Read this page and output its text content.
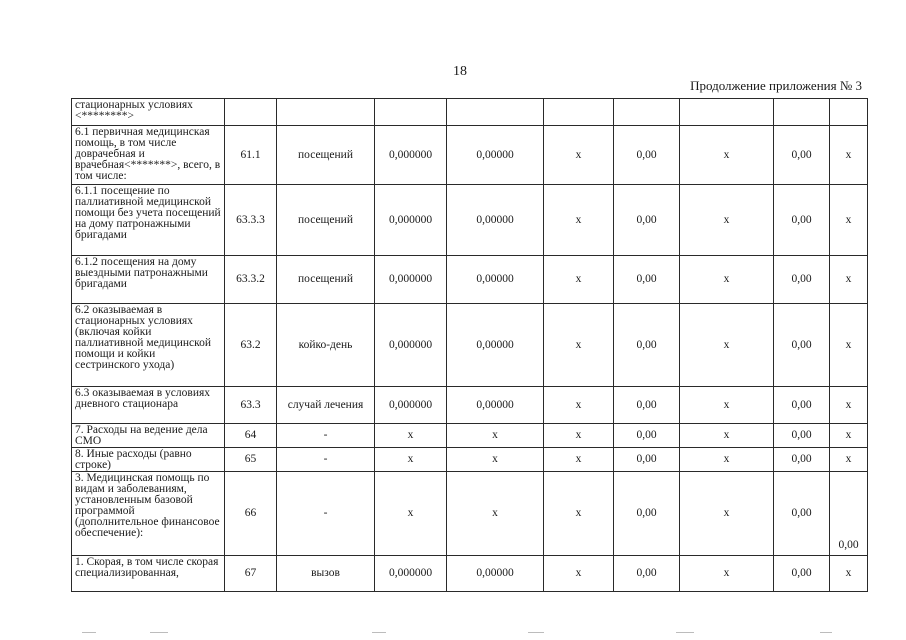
18
Продолжение приложения № 3
стационарных условиях <********>									
6.1 первичная медицинская помощь, в том числе доврачебная и врачебная<*******>, всего, в том числе:	61.1	посещений	0,000000	0,00000	х	0,00	х	0,00	х
6.1.1 посещение по паллиативной медицинской помощи без учета посещений на дому патронажными бригадами	63.3.3	посещений	0,000000	0,00000	х	0,00	х	0,00	х
6.1.2 посещения на дому выездными патронажными бригадами	63.3.2	посещений	0,000000	0,00000	х	0,00	х	0,00	х
6.2 оказываемая в стационарных условиях (включая койки паллиативной медицинской помощи и койки сестринского ухода)	63.2	койко-день	0,000000	0,00000	х	0,00	х	0,00	х
6.3 оказываемая в условиях дневного стационара	63.3	случай лечения	0,000000	0,00000	х	0,00	х	0,00	х
7. Расходы на ведение дела СМО	64	-	х	х	х	0,00	х	0,00	х
8. Иные расходы (равно строке)	65	-	х	х	х	0,00	х	0,00	х
3. Медицинская помощь по видам и заболеваниям, установленным базовой программой (дополнительное финансовое обеспечение):	66	-	х	х	х	0,00	х	0,00	0,00
1. Скорая, в том числе скорая специализированная,	67	вызов	0,000000	0,00000	х	0,00	х	0,00	х
